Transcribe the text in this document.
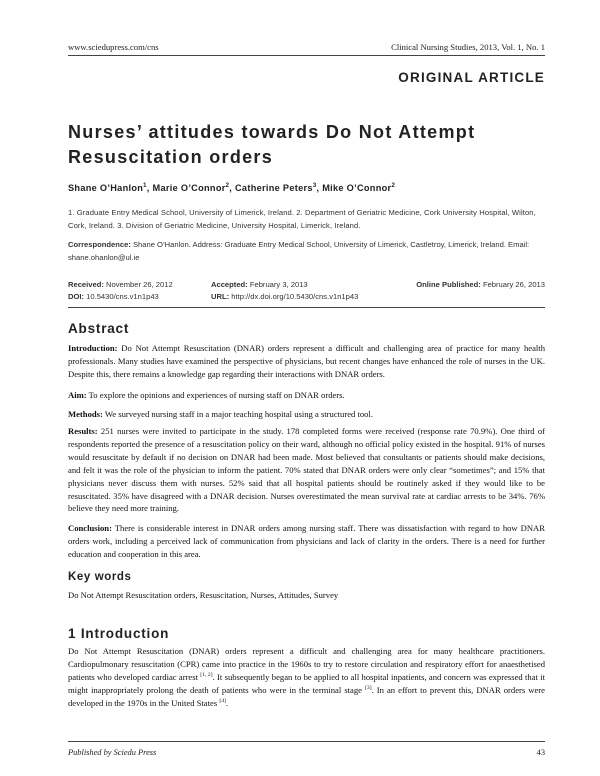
www.sciedupress.com/cns	Clinical Nursing Studies, 2013, Vol. 1, No. 1
ORIGINAL ARTICLE
Nurses’ attitudes towards Do Not Attempt Resuscitation orders
Shane O’Hanlon$^1$, Marie O’Connor$^2$, Catherine Peters$^3$, Mike O’Connor$^2$
1. Graduate Entry Medical School, University of Limerick, Ireland. 2. Department of Geriatric Medicine, Cork University Hospital, Wilton, Cork, Ireland. 3. Division of Geriatric Medicine, University Hospital, Limerick, Ireland.
Correspondence: Shane O’Hanlon. Address: Graduate Entry Medical School, University of Limerick, Castletroy, Limerick, Ireland. Email: shane.ohanlon@ul.ie
Received: November 26, 2012	Accepted: February 3, 2013	Online Published: February 26, 2013
DOI: 10.5430/cns.v1n1p43	URL: http://dx.doi.org/10.5430/cns.v1n1p43
Abstract

Introduction: Do Not Attempt Resuscitation (DNAR) orders represent a difficult and challenging area of practice for many health professionals. Many studies have examined the perspective of physicians, but recent changes have enhanced the role of nurses in the UK. Despite this, there remains a knowledge gap regarding their interactions with DNAR orders.

Aim: To explore the opinions and experiences of nursing staff on DNAR orders.

Methods: We surveyed nursing staff in a major teaching hospital using a structured tool.

Results: 251 nurses were invited to participate in the study. 178 completed forms were received (response rate 70.9%). One third of respondents reported the presence of a resuscitation policy on their ward, although no official policy existed in the hospital. 91% of nurses would resuscitate by default if no decision on DNAR had been made. Most believed that consultants or patients should make decisions, and felt it was the role of the physician to inform the patient. 70% stated that DNAR orders were only clear “sometimes”; and 15% that physicians never discuss them with nurses. 52% said that all hospital patients should be routinely asked if they would like to be resuscitated. 35% have disagreed with a DNAR decision. Nurses overestimated the mean survival rate at cardiac arrests to be 34%. 76% believe they need more training.

Conclusion: There is considerable interest in DNAR orders among nursing staff. There was dissatisfaction with regard to how DNAR orders work, including a perceived lack of communication from physicians and lack of clarity in the orders. There is a need for further education and cooperation in this area.

Key words

Do Not Attempt Resuscitation orders, Resuscitation, Nurses, Attitudes, Survey

1 Introduction

Do Not Attempt Resuscitation (DNAR) orders represent a difficult and challenging area for many healthcare practitioners. Cardiopulmonary resuscitation (CPR) came into practice in the 1960s to try to restore circulation and respiratory effort for anaesthetised patients who developed cardiac arrest [1, 2]. It subsequently began to be applied to all hospital inpatients, and concern was expressed that it might inappropriately prolong the death of patients who were in the terminal stage [3]. In an effort to prevent this, DNAR orders were developed in the 1970s in the United States [4].

Published by Sciedu Press	43
